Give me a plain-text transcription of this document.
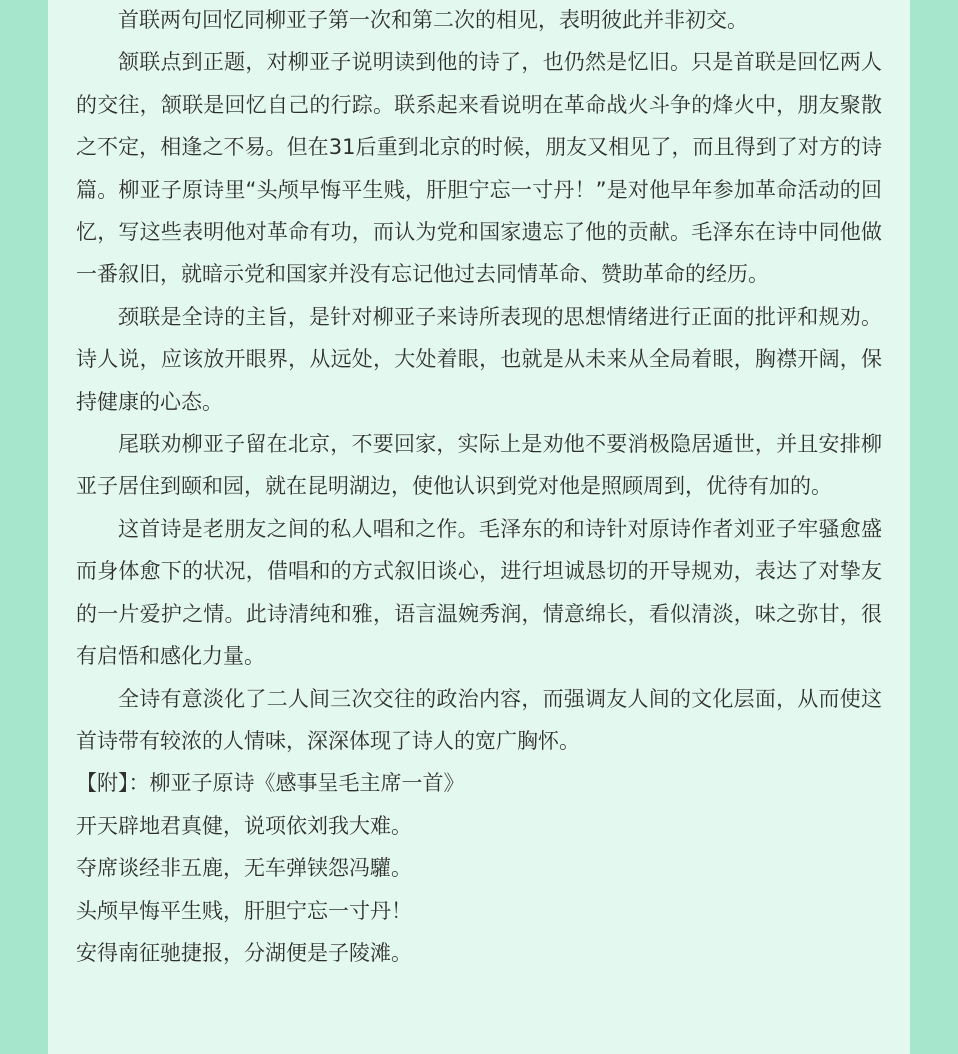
首联两句回忆同柳亚子第一次和第二次的相见，表明彼此并非初交。

颔联点到正题，对柳亚子说明读到他的诗了，也仍然是忆旧。只是首联是回忆两人的交往，颔联是回忆自己的行踪。联系起来看说明在革命战火斗争的烽火中，朋友聚散之不定，相逢之不易。但在31后重到北京的时候，朋友又相见了，而且得到了对方的诗篇。柳亚子原诗里“头颅早悔平生贱，肝胆宁忘一寸丹！”是对他早年参加革命活动的回忆，写这些表明他对革命有功，而认为党和国家遗忘了他的贡献。毛泽东在诗中同他做一番叙旧，就暗示党和国家并没有忘记他过去同情革命、赞助革命的经历。

颈联是全诗的主旨，是针对柳亚子来诗所表现的思想情绪进行正面的批评和规劝。诗人说，应该放开眼界，从远处，大处着眼，也就是从未来从全局着眼，胸襟开阔，保持健康的心态。

尾联劝柳亚子留在北京，不要回家，实际上是劝他不要消极隐居遁世，并且安排柳亚子居住到颐和园，就在昆明湖边，使他认识到党对他是照顾周到，优待有加的。

这首诗是老朋友之间的私人唱和之作。毛泽东的和诗针对原诗作者刘亚子牢骚愈盛而身体愈下的状况，借唱和的方式叙旧谈心，进行坦诚恳切的开导规劝，表达了对挚友的一片爱护之情。此诗清纯和雅，语言温婉秀润，情意绵长，看似清淡，味之弥甘，很有启悟和感化力量。

全诗有意淡化了二人间三次交往的政治内容，而强调友人间的文化层面，从而使这首诗带有较浓的人情味，深深体现了诗人的宽广胸怀。

【附】：柳亚子原诗《感事呈毛主席一首》

开天辟地君真健，说项依刘我大难。

夺席谈经非五鹿，无车弹铗怨冯驩。

头颅早悔平生贱，肝胆宁忘一寸丹！

安得南征驰捷报，分湖便是子陵滩。
